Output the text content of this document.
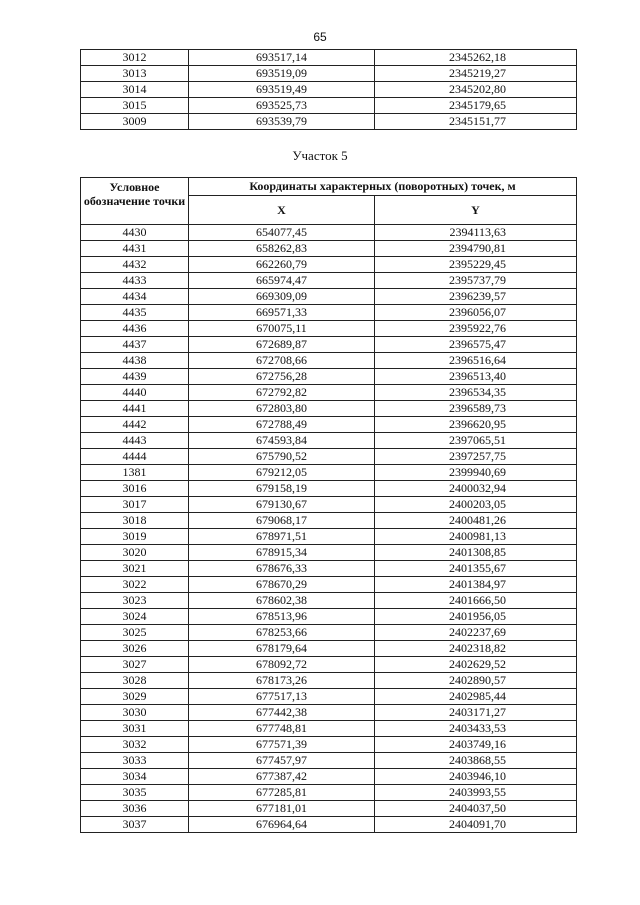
65
3012	693517,14	2345262,18
3013	693519,09	2345219,27
3014	693519,49	2345202,80
3015	693525,73	2345179,65
3009	693539,79	2345151,77
Участок 5
Условное обозначение точки	Координаты характерных (поворотных) точек, м	
	X	Y
4430	654077,45	2394113,63
4431	658262,83	2394790,81
4432	662260,79	2395229,45
4433	665974,47	2395737,79
4434	669309,09	2396239,57
4435	669571,33	2396056,07
4436	670075,11	2395922,76
4437	672689,87	2396575,47
4438	672708,66	2396516,64
4439	672756,28	2396513,40
4440	672792,82	2396534,35
4441	672803,80	2396589,73
4442	672788,49	2396620,95
4443	674593,84	2397065,51
4444	675790,52	2397257,75
1381	679212,05	2399940,69
3016	679158,19	2400032,94
3017	679130,67	2400203,05
3018	679068,17	2400481,26
3019	678971,51	2400981,13
3020	678915,34	2401308,85
3021	678676,33	2401355,67
3022	678670,29	2401384,97
3023	678602,38	2401666,50
3024	678513,96	2401956,05
3025	678253,66	2402237,69
3026	678179,64	2402318,82
3027	678092,72	2402629,52
3028	678173,26	2402890,57
3029	677517,13	2402985,44
3030	677442,38	2403171,27
3031	677748,81	2403433,53
3032	677571,39	2403749,16
3033	677457,97	2403868,55
3034	677387,42	2403946,10
3035	677285,81	2403993,55
3036	677181,01	2404037,50
3037	676964,64	2404091,70
